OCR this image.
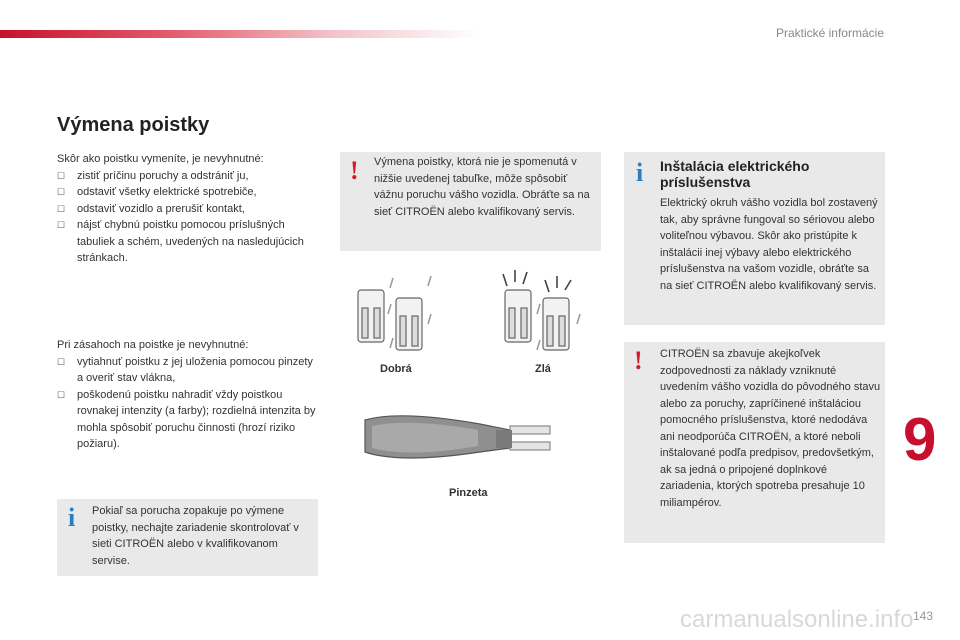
Praktické informácie
Výmena poistky

Skôr ako poistku vymeníte, je nevyhnutné:

☐ zistiť príčinu poruchy a odstrániť ju,
☐ odstaviť všetky elektrické spotrebiče,
☐ odstaviť vozidlo a prerušiť kontakt,
☐ nájsť chybnú poistku pomocou príslušných tabuliek a schém, uvedených na nasledujúcich stránkach.

Pri zásahoch na poistke je nevyhnutné:

☐ vytiahnuť poistku z jej uloženia pomocou pinzety a overiť stav vlákna,
☐ poškodenú poistku nahradiť vždy poistkou rovnakej intenzity (a farby); rozdielná intenzita by mohla spôsobiť poruchu činnosti (hrozí riziko požiaru).
i Pokiaľ sa porucha zopakuje po výmene poistky, nechajte zariadenie skontrolovať v sieti CITROËN alebo v kvalifikovanom servise.
! Výmena poistky, ktorá nie je spomenutá v nižšie uvedenej tabuľke, môže spôsobiť vážnu poruchu vášho vozidla. Obráťte sa na sieť CITROËN alebo kvalifikovaný servis.
Dobrá	Zlá
Pinzeta
i Inštalácia elektrického príslušenstva
Elektrický okruh vášho vozidla bol zostavený tak, aby správne fungoval so sériovou alebo voliteľnou výbavou. Skôr ako pristúpite k inštalácii inej výbavy alebo elektrického príslušenstva na vašom vozidle, obráťte sa na sieť CITROËN alebo kvalifikovaný servis.
! CITROËN sa zbavuje akejkoľvek zodpovednosti za náklady vzniknuté uvedením vášho vozidla do pôvodného stavu alebo za poruchy, zapríčinené inštaláciou pomocného príslušenstva, ktoré nedodáva ani neodporúča CITROËN, a ktoré neboli inštalované podľa predpisov, predovšetkým, ak sa jedná o pripojené doplnkové zariadenia, ktorých spotreba presahuje 10 miliampérov.
9
carmanualsonline.info 143
